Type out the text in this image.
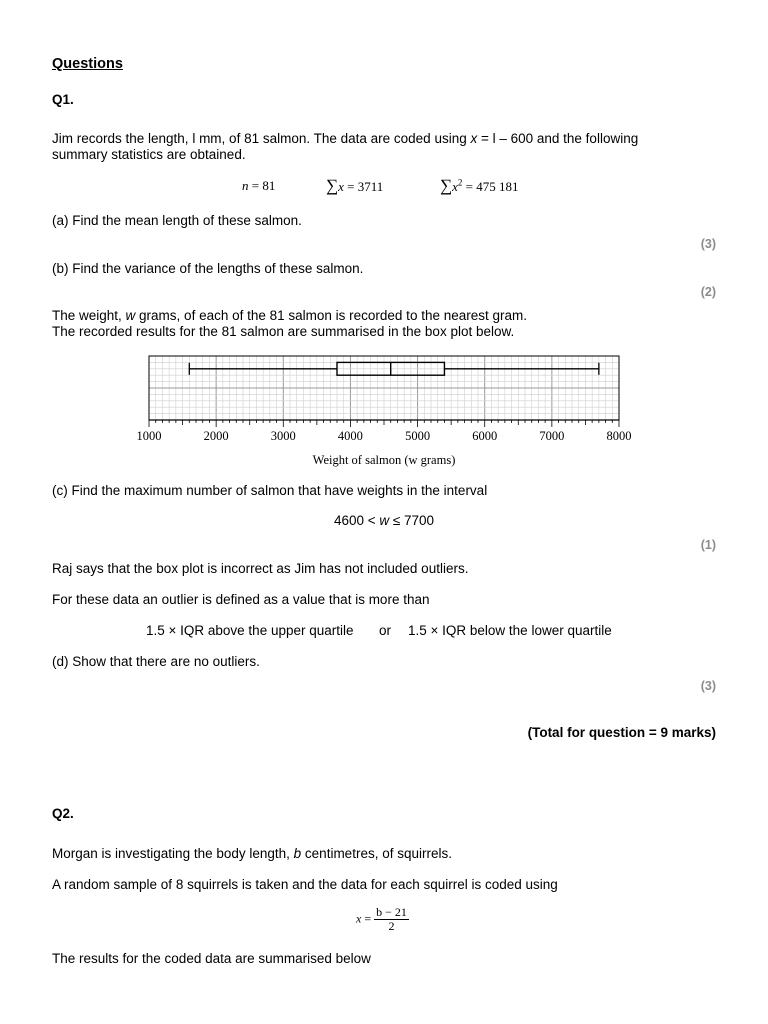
Questions
Q1.
Jim records the length, l mm, of 81 salmon. The data are coded using x = l – 600 and the following
summary statistics are obtained.
n = 81	∑x = 3711	$\sum x^2 = 475$ 181
(a) Find the mean length of these salmon.
(3)
(b) Find the variance of the lengths of these salmon.
(2)
The weight, w grams, of each of the 81 salmon is recorded to the nearest gram.
The recorded results for the 81 salmon are summarised in the box plot below.
1000	2000	3000	4000	5000	6000	7000	8000
Weight of salmon (w grams)
(c) Find the maximum number of salmon that have weights in the interval
4600 < w ≤ 7700
(1)
Raj says that the box plot is incorrect as Jim has not included outliers.
For these data an outlier is defined as a value that is more than
1.5 × IQR above the upper quartile or 1.5 × IQR below the lower quartile
(d) Show that there are no outliers.
(3)
(Total for question = 9 marks)
Q2.
Morgan is investigating the body length, b centimetres, of squirrels.
A random sample of 8 squirrels is taken and the data for each squirrel is coded using
$x = \frac{b - 21}{2}$
The results for the coded data are summarised below
